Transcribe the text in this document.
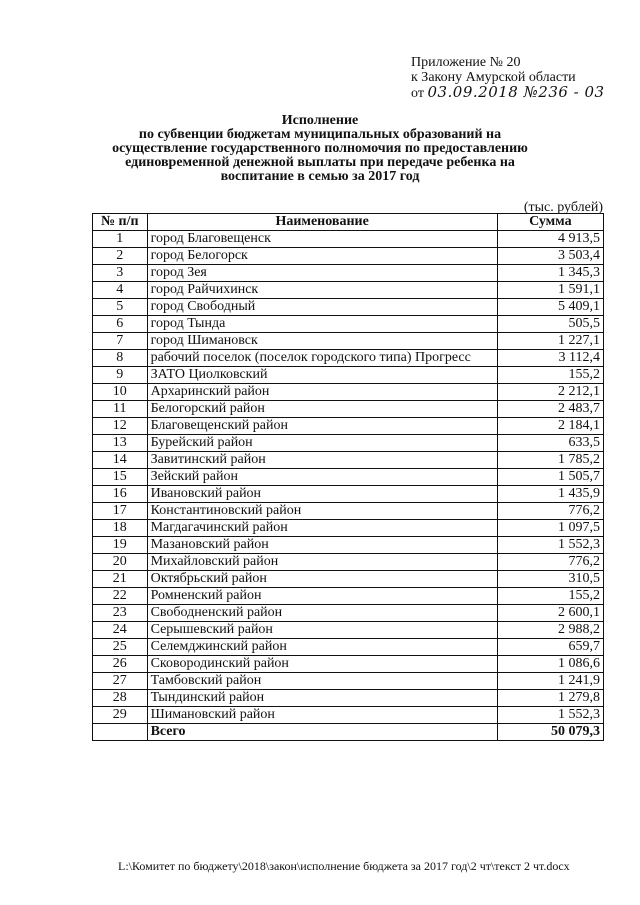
Приложение № 20
к Закону Амурской области
от 03.09.2018 №236 - 03
Исполнение
по субвенции бюджетам муниципальных образований на
осуществление государственного полномочия по предоставлению
единовременной денежной выплаты при передаче ребенка на
воспитание в семью за 2017 год
(тыс. рублей)
№ п/п	Наименование	Сумма
1	город Благовещенск	4 913,5
2	город Белогорск	3 503,4
3	город Зея	1 345,3
4	город Райчихинск	1 591,1
5	город Свободный	5 409,1
6	город Тында	505,5
7	город Шимановск	1 227,1
8	рабочий поселок (поселок городского типа) Прогресс	3 112,4
9	ЗАТО Циолковский	155,2
10	Архаринский район	2 212,1
11	Белогорский район	2 483,7
12	Благовещенский район	2 184,1
13	Бурейский район	633,5
14	Завитинский район	1 785,2
15	Зейский район	1 505,7
16	Ивановский район	1 435,9
17	Константиновский район	776,2
18	Магдагачинский район	1 097,5
19	Мазановский район	1 552,3
20	Михайловский район	776,2
21	Октябрьский район	310,5
22	Ромненский район	155,2
23	Свободненский район	2 600,1
24	Серышевский район	2 988,2
25	Селемджинский район	659,7
26	Сковородинский район	1 086,6
27	Тамбовский район	1 241,9
28	Тындинский район	1 279,8
29	Шимановский район	1 552,3
	Всего	50 079,3
L:\Комитет по бюджету\2018\закон\исполнение бюджета за 2017 год\2 чт\текст 2 чт.docx
